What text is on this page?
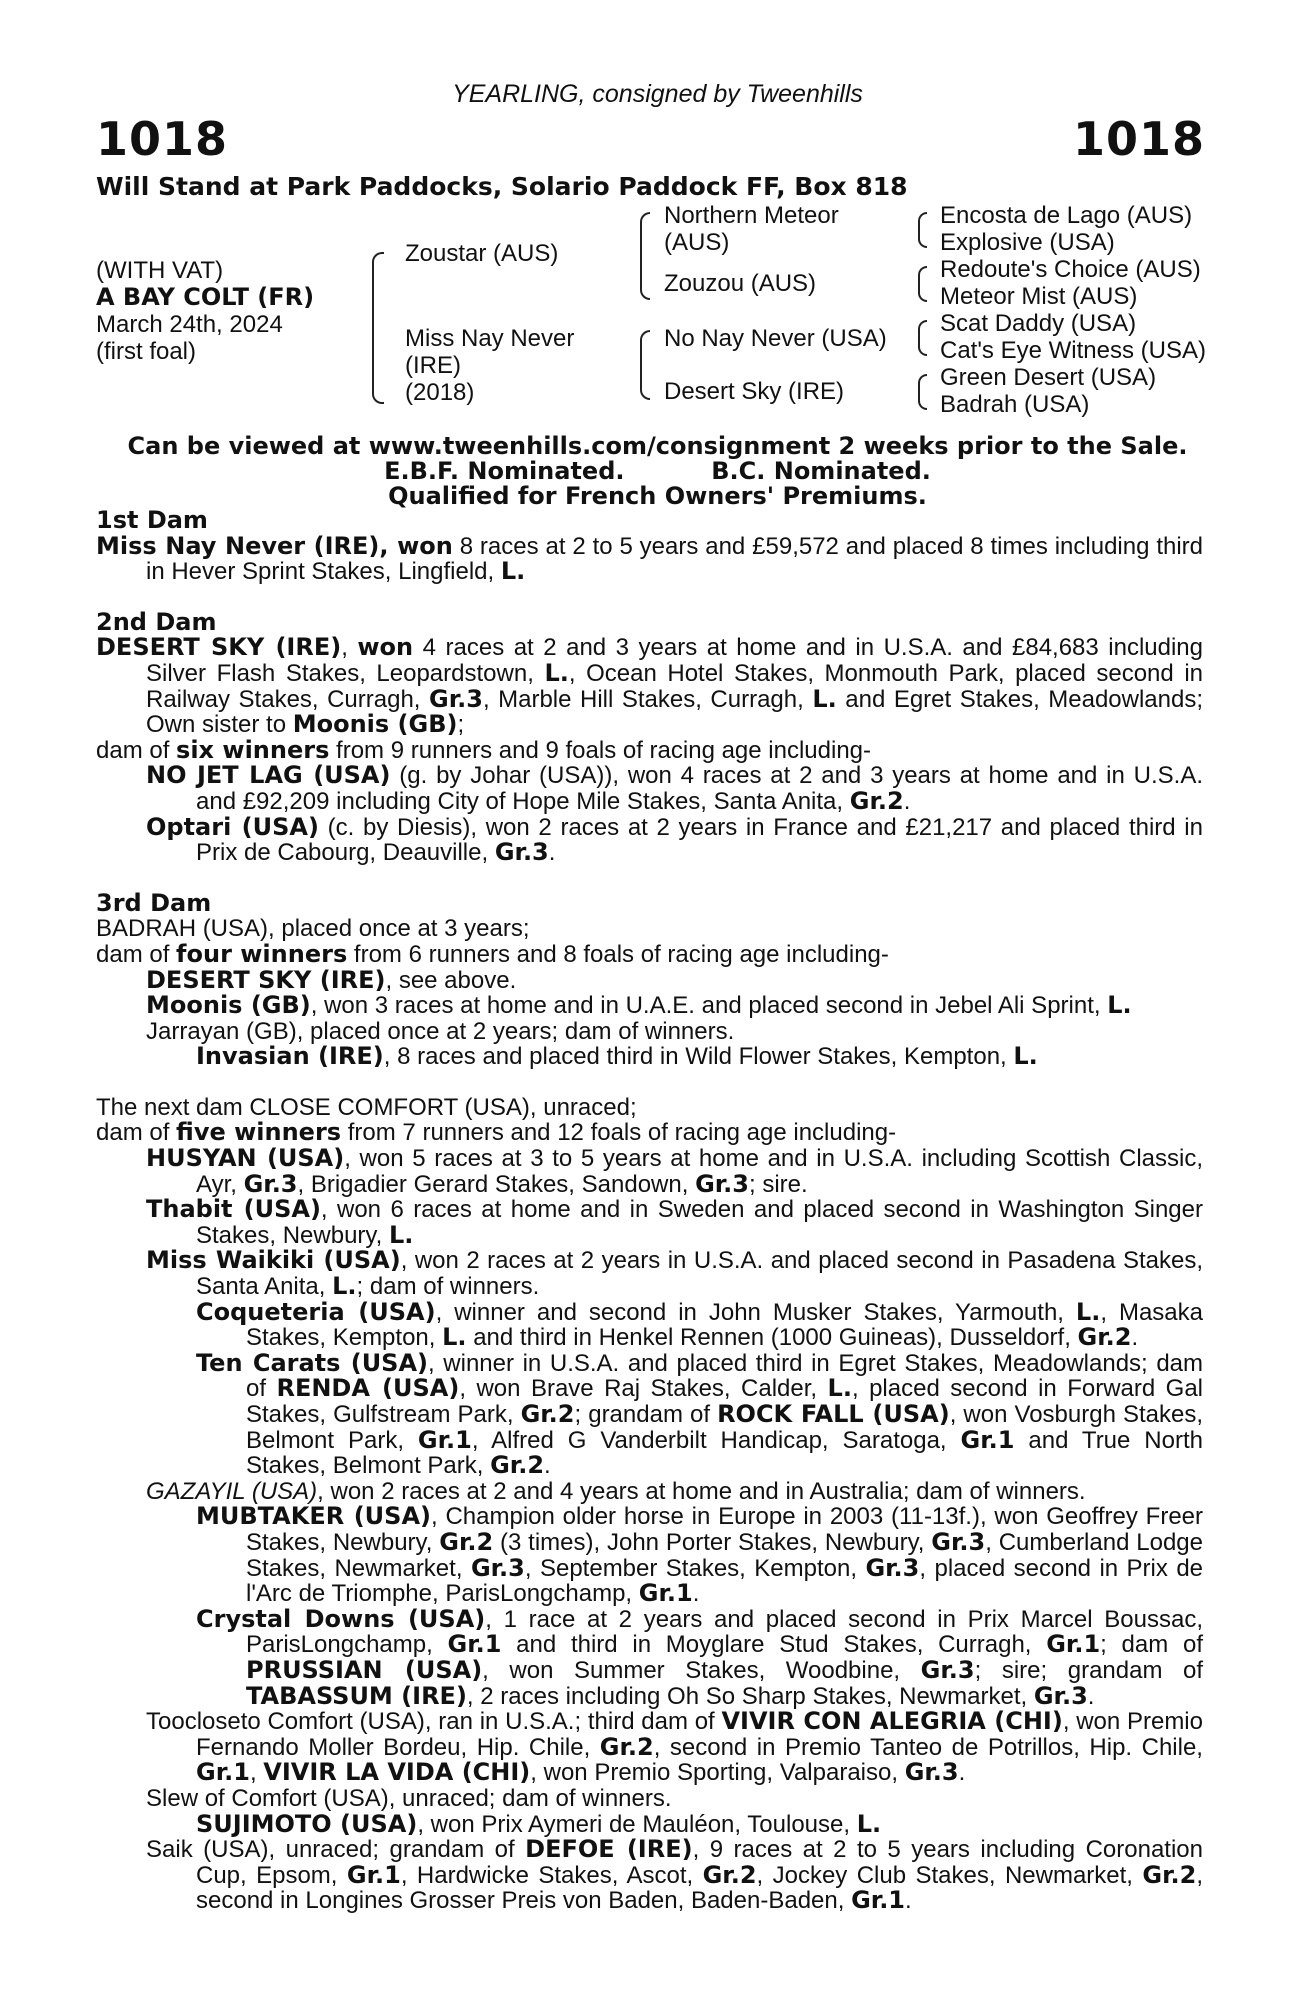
YEARLING, consigned by Tweenhills
1018	1018
Will Stand at Park Paddocks, Solario Paddock FF, Box 818
(WITH VAT)
A BAY COLT (FR)
March 24th, 2024
(first foal)
Zoustar (AUS)
Miss Nay Never
(IRE)
(2018)
Northern Meteor
(AUS)
Zouzou (AUS)
No Nay Never (USA)
Desert Sky (IRE)
Encosta de Lago (AUS)
Explosive (USA)
Redoute's Choice (AUS)
Meteor Mist (AUS)
Scat Daddy (USA)
Cat's Eye Witness (USA)
Green Desert (USA)
Badrah (USA)
Can be viewed at www.tweenhills.com/consignment 2 weeks prior to the Sale.
E.B.F. Nominated.	B.C. Nominated.
Qualified for French Owners' Premiums.
1st Dam
Miss Nay Never (IRE), won 8 races at 2 to 5 years and £59,572 and placed 8 times including third in Hever Sprint Stakes, Lingfield, L.
2nd Dam
DESERT SKY (IRE), won 4 races at 2 and 3 years at home and in U.S.A. and £84,683 including Silver Flash Stakes, Leopardstown, L., Ocean Hotel Stakes, Monmouth Park, placed second in Railway Stakes, Curragh, Gr.3, Marble Hill Stakes, Curragh, L. and Egret Stakes, Meadowlands; Own sister to Moonis (GB);
dam of six winners from 9 runners and 9 foals of racing age including-
NO JET LAG (USA) (g. by Johar (USA)), won 4 races at 2 and 3 years at home and in U.S.A. and £92,209 including City of Hope Mile Stakes, Santa Anita, Gr.2.
Optari (USA) (c. by Diesis), won 2 races at 2 years in France and £21,217 and placed third in Prix de Cabourg, Deauville, Gr.3.
3rd Dam
BADRAH (USA), placed once at 3 years;
dam of four winners from 6 runners and 8 foals of racing age including-
DESERT SKY (IRE), see above.
Moonis (GB), won 3 races at home and in U.A.E. and placed second in Jebel Ali Sprint, L.
Jarrayan (GB), placed once at 2 years; dam of winners.
Invasian (IRE), 8 races and placed third in Wild Flower Stakes, Kempton, L.
The next dam CLOSE COMFORT (USA), unraced;
dam of five winners from 7 runners and 12 foals of racing age including-
HUSYAN (USA), won 5 races at 3 to 5 years at home and in U.S.A. including Scottish Classic, Ayr, Gr.3, Brigadier Gerard Stakes, Sandown, Gr.3; sire.
Thabit (USA), won 6 races at home and in Sweden and placed second in Washington Singer Stakes, Newbury, L.
Miss Waikiki (USA), won 2 races at 2 years in U.S.A. and placed second in Pasadena Stakes, Santa Anita, L.; dam of winners.
Coqueteria (USA), winner and second in John Musker Stakes, Yarmouth, L., Masaka Stakes, Kempton, L. and third in Henkel Rennen (1000 Guineas), Dusseldorf, Gr.2.
Ten Carats (USA), winner in U.S.A. and placed third in Egret Stakes, Meadowlands; dam of RENDA (USA), won Brave Raj Stakes, Calder, L., placed second in Forward Gal Stakes, Gulfstream Park, Gr.2; grandam of ROCK FALL (USA), won Vosburgh Stakes, Belmont Park, Gr.1, Alfred G Vanderbilt Handicap, Saratoga, Gr.1 and True North Stakes, Belmont Park, Gr.2.
GAZAYIL (USA), won 2 races at 2 and 4 years at home and in Australia; dam of winners.
MUBTAKER (USA), Champion older horse in Europe in 2003 (11-13f.), won Geoffrey Freer Stakes, Newbury, Gr.2 (3 times), John Porter Stakes, Newbury, Gr.3, Cumberland Lodge Stakes, Newmarket, Gr.3, September Stakes, Kempton, Gr.3, placed second in Prix de l'Arc de Triomphe, ParisLongchamp, Gr.1.
Crystal Downs (USA), 1 race at 2 years and placed second in Prix Marcel Boussac, ParisLongchamp, Gr.1 and third in Moyglare Stud Stakes, Curragh, Gr.1; dam of PRUSSIAN (USA), won Summer Stakes, Woodbine, Gr.3; sire; grandam of TABASSUM (IRE), 2 races including Oh So Sharp Stakes, Newmarket, Gr.3.
Toocloseto Comfort (USA), ran in U.S.A.; third dam of VIVIR CON ALEGRIA (CHI), won Premio Fernando Moller Bordeu, Hip. Chile, Gr.2, second in Premio Tanteo de Potrillos, Hip. Chile, Gr.1, VIVIR LA VIDA (CHI), won Premio Sporting, Valparaiso, Gr.3.
Slew of Comfort (USA), unraced; dam of winners.
SUJIMOTO (USA), won Prix Aymeri de Mauléon, Toulouse, L.
Saik (USA), unraced; grandam of DEFOE (IRE), 9 races at 2 to 5 years including Coronation Cup, Epsom, Gr.1, Hardwicke Stakes, Ascot, Gr.2, Jockey Club Stakes, Newmarket, Gr.2, second in Longines Grosser Preis von Baden, Baden-Baden, Gr.1.
